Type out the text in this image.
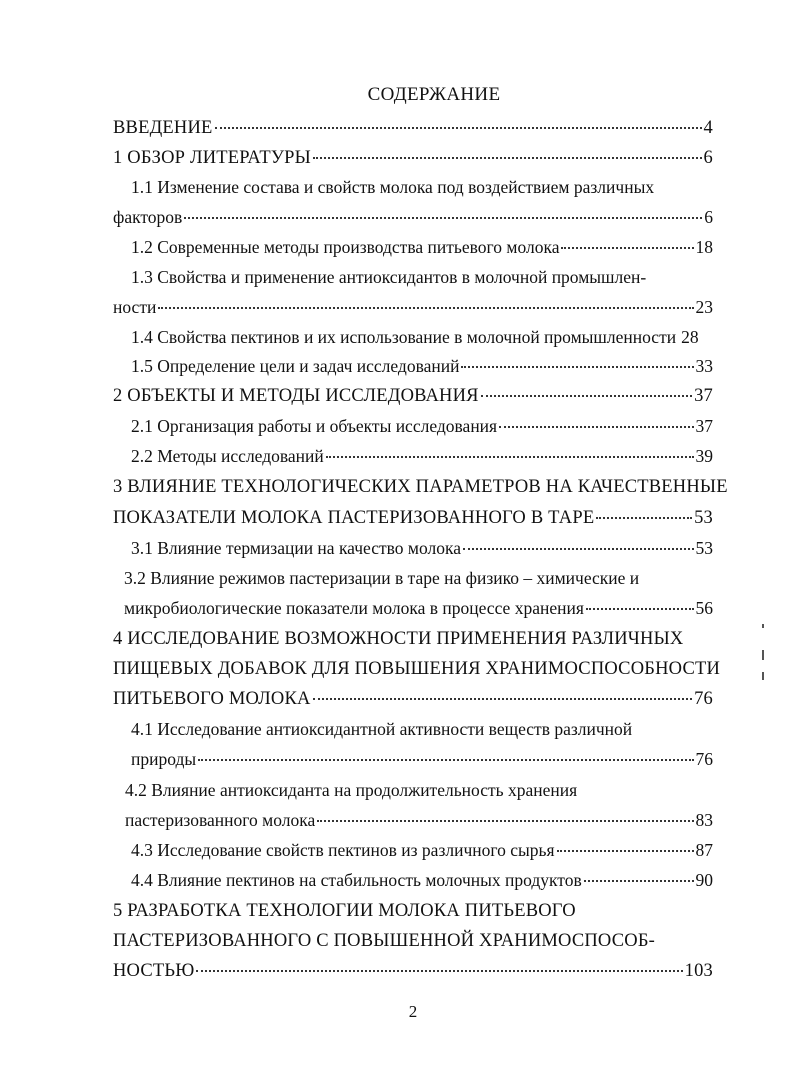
СОДЕРЖАНИЕ
ВВЕДЕНИЕ	4
1 ОБЗОР ЛИТЕРАТУРЫ	6
1.1 Изменение состава и свойств молока под воздействием различных
факторов	6
1.2 Современные методы производства питьевого молока	18
1.3 Свойства и применение антиоксидантов в молочной промышлен-
ности	23
1.4 Свойства пектинов и их использование в молочной промышленности 28
1.5 Определение цели и задач исследований	33
2 ОБЪЕКТЫ И МЕТОДЫ ИССЛЕДОВАНИЯ	37
2.1 Организация работы и объекты исследования	37
2.2 Методы исследований	39
3 ВЛИЯНИЕ ТЕХНОЛОГИЧЕСКИХ ПАРАМЕТРОВ НА КАЧЕСТВЕННЫЕ
ПОКАЗАТЕЛИ МОЛОКА ПАСТЕРИЗОВАННОГО В ТАРЕ	53
3.1 Влияние термизации на качество молока	53
3.2 Влияние режимов пастеризации в таре на физико – химические и
микробиологические показатели молока в процессе хранения	56
4 ИССЛЕДОВАНИЕ ВОЗМОЖНОСТИ ПРИМЕНЕНИЯ РАЗЛИЧНЫХ
ПИЩЕВЫХ ДОБАВОК ДЛЯ ПОВЫШЕНИЯ ХРАНИМОСПОСОБНОСТИ
ПИТЬЕВОГО МОЛОКА	76
4.1 Исследование антиоксидантной активности веществ различной
природы	76
4.2 Влияние антиоксиданта на продолжительность хранения
пастеризованного молока	83
4.3 Исследование свойств пектинов из различного сырья	87
4.4 Влияние пектинов на стабильность молочных продуктов	90
5 РАЗРАБОТКА ТЕХНОЛОГИИ МОЛОКА ПИТЬЕВОГО
ПАСТЕРИЗОВАННОГО С ПОВЫШЕННОЙ ХРАНИМОСПОСОБ-
НОСТЬЮ	103
2
